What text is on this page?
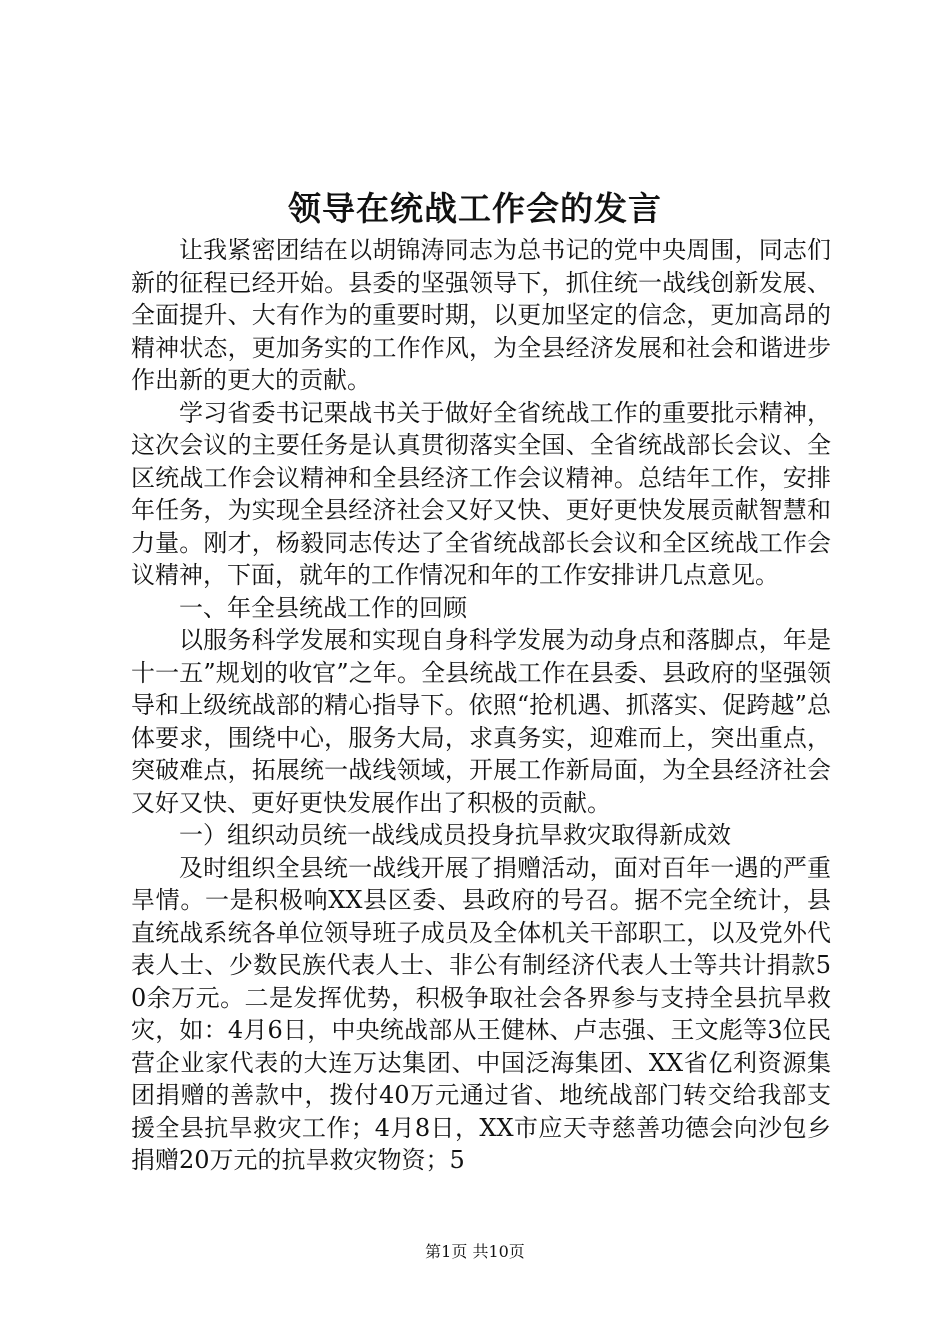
领导在统战工作会的发言

让我紧密团结在以胡锦涛同志为总书记的党中央周围，同志们新的征程已经开始。县委的坚强领导下，抓住统一战线创新发展、全面提升、大有作为的重要时期，以更加坚定的信念，更加高昂的精神状态，更加务实的工作作风，为全县经济发展和社会和谐进步作出新的更大的贡献。

学习省委书记栗战书关于做好全省统战工作的重要批示精神，这次会议的主要任务是认真贯彻落实全国、全省统战部长会议、全区统战工作会议精神和全县经济工作会议精神。总结年工作，安排年任务，为实现全县经济社会又好又快、更好更快发展贡献智慧和力量。刚才，杨毅同志传达了全省统战部长会议和全区统战工作会议精神，下面，就年的工作情况和年的工作安排讲几点意见。

一、年全县统战工作的回顾

以服务科学发展和实现自身科学发展为动身点和落脚点，年是十一五”规划的收官”之年。全县统战工作在县委、县政府的坚强领导和上级统战部的精心指导下。依照“抢机遇、抓落实、促跨越”总体要求，围绕中心，服务大局，求真务实，迎难而上，突出重点，突破难点，拓展统一战线领域，开展工作新局面，为全县经济社会又好又快、更好更快发展作出了积极的贡献。

一）组织动员统一战线成员投身抗旱救灾取得新成效

及时组织全县统一战线开展了捐赠活动，面对百年一遇的严重旱情。一是积极响XX县区委、县政府的号召。据不完全统计，县直统战系统各单位领导班子成员及全体机关干部职工，以及党外代表人士、少数民族代表人士、非公有制经济代表人士等共计捐款50余万元。二是发挥优势，积极争取社会各界参与支持全县抗旱救灾，如：4月6日，中央统战部从王健林、卢志强、王文彪等3位民营企业家代表的大连万达集团、中国泛海集团、XX省亿利资源集团捐赠的善款中，拨付40万元通过省、地统战部门转交给我部支援全县抗旱救灾工作；4月8日，XX市应天寺慈善功德会向沙包乡捐赠20万元的抗旱救灾物资；5

第1页 共10页
